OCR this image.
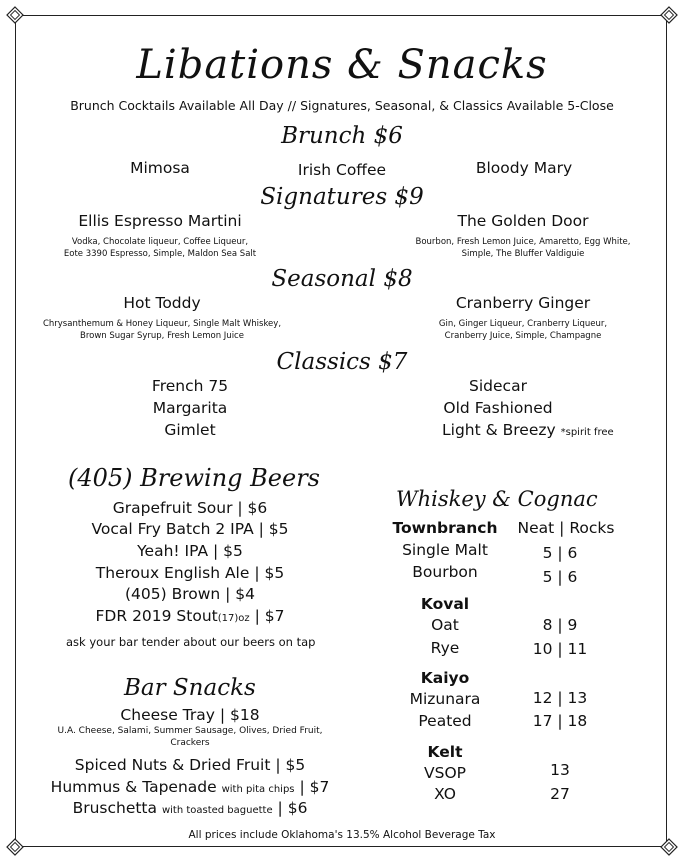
Libations & Snacks
Brunch Cocktails Available All Day // Signatures, Seasonal, & Classics Available 5-Close
Brunch $6
Mimosa	Irish Coffee	Bloody Mary
Signatures $9
Ellis Espresso Martini
Vodka, Chocolate liqueur, Coffee Liqueur,
Eote 3390 Espresso, Simple, Maldon Sea Salt
The Golden Door
Bourbon, Fresh Lemon Juice, Amaretto, Egg White,
Simple, The Bluffer Valdiguie
Seasonal $8
Hot Toddy
Chrysanthemum & Honey Liqueur, Single Malt Whiskey,
Brown Sugar Syrup, Fresh Lemon Juice
Cranberry Ginger
Gin, Ginger Liqueur, Cranberry Liqueur,
Cranberry Juice, Simple, Champagne
Classics $7
French 75
Margarita
Gimlet
Sidecar
Old Fashioned
Light & Breezy *spirit free
(405) Brewing Beers
Grapefruit Sour | $6
Vocal Fry Batch 2 IPA | $5
Yeah! IPA | $5
Theroux English Ale | $5
(405) Brown | $4
FDR 2019 Stout(17)oz | $7
ask your bar tender about our beers on tap
Bar Snacks
Cheese Tray | $18
U.A. Cheese, Salami, Summer Sausage, Olives, Dried Fruit,
Crackers
Spiced Nuts & Dried Fruit | $5
Hummus & Tapenade with pita chips | $7
Bruschetta with toasted baguette | $6
Whiskey & Cognac
Townbranch	Neat | Rocks
Single Malt	5 | 6
Bourbon	5 | 6
Koval
Oat	8 | 9
Rye	10 | 11
Kaiyo
Mizunara	12 | 13
Peated	17 | 18
Kelt
VSOP	13
XO	27
All prices include Oklahoma's 13.5% Alcohol Beverage Tax
